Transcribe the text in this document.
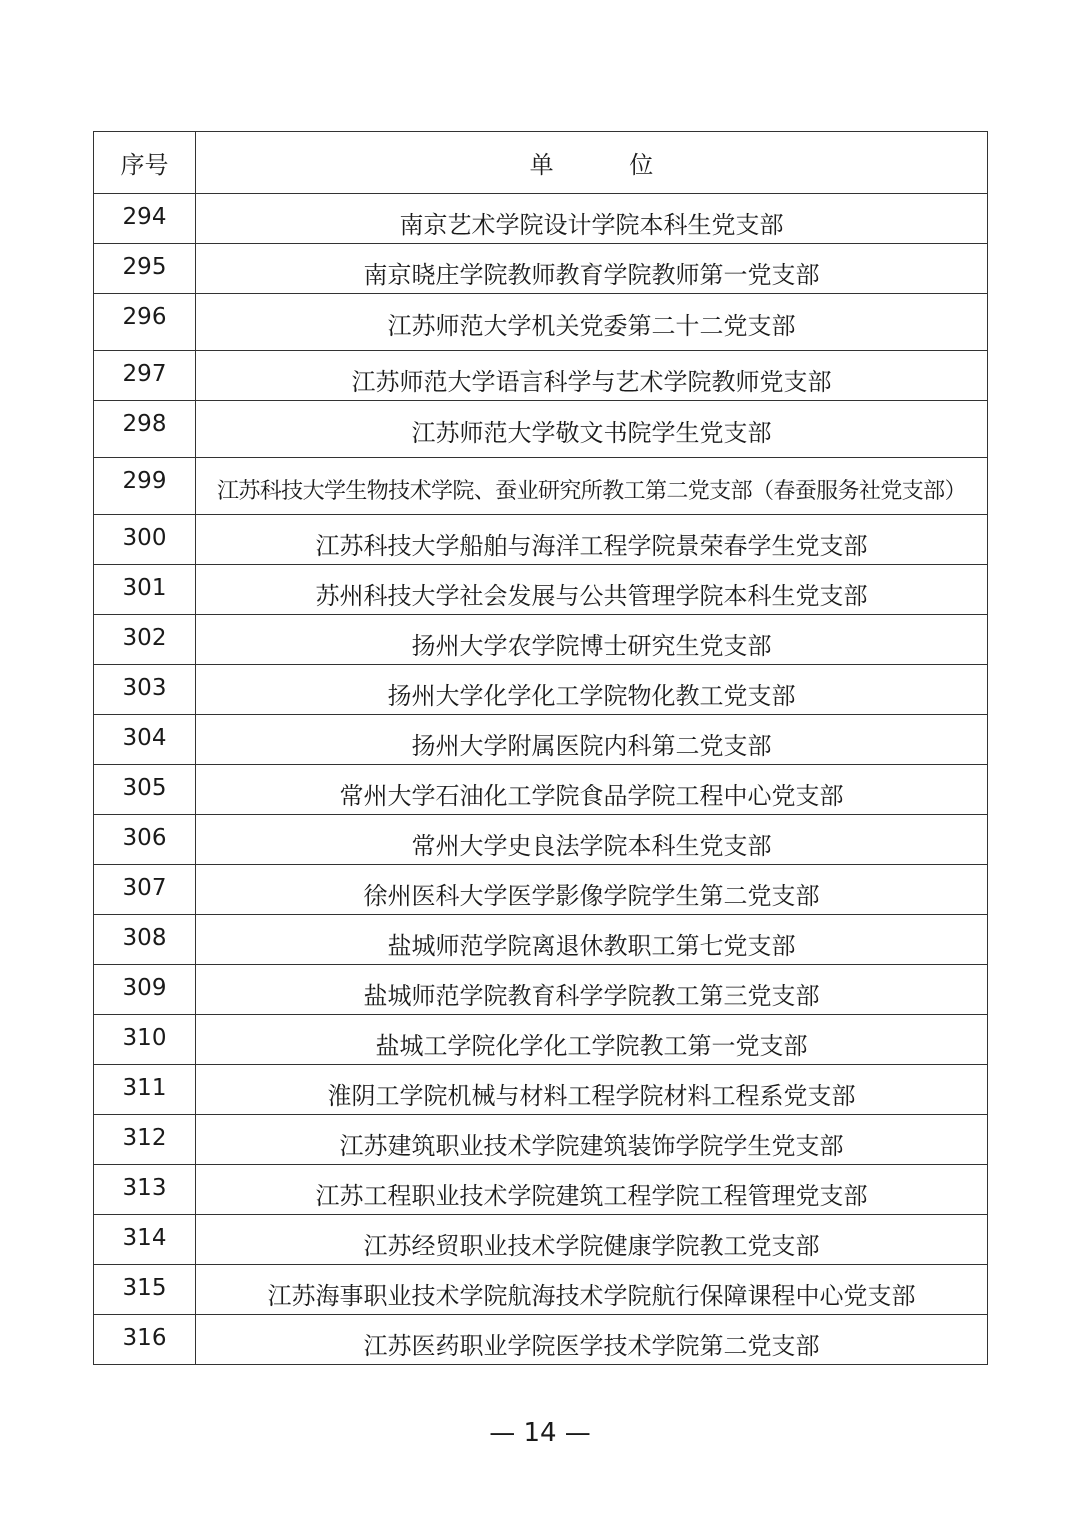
序号	单 位
294	南京艺术学院设计学院本科生党支部
295	南京晓庄学院教师教育学院教师第一党支部
296	江苏师范大学机关党委第二十二党支部
297	江苏师范大学语言科学与艺术学院教师党支部
298	江苏师范大学敬文书院学生党支部
299	江苏科技大学生物技术学院、蚕业研究所教工第二党支部（春蚕服务社党支部）
300	江苏科技大学船舶与海洋工程学院景荣春学生党支部
301	苏州科技大学社会发展与公共管理学院本科生党支部
302	扬州大学农学院博士研究生党支部
303	扬州大学化学化工学院物化教工党支部
304	扬州大学附属医院内科第二党支部
305	常州大学石油化工学院食品学院工程中心党支部
306	常州大学史良法学院本科生党支部
307	徐州医科大学医学影像学院学生第二党支部
308	盐城师范学院离退休教职工第七党支部
309	盐城师范学院教育科学学院教工第三党支部
310	盐城工学院化学化工学院教工第一党支部
311	淮阴工学院机械与材料工程学院材料工程系党支部
312	江苏建筑职业技术学院建筑装饰学院学生党支部
313	江苏工程职业技术学院建筑工程学院工程管理党支部
314	江苏经贸职业技术学院健康学院教工党支部
315	江苏海事职业技术学院航海技术学院航行保障课程中心党支部
316	江苏医药职业学院医学技术学院第二党支部
— 14 —
